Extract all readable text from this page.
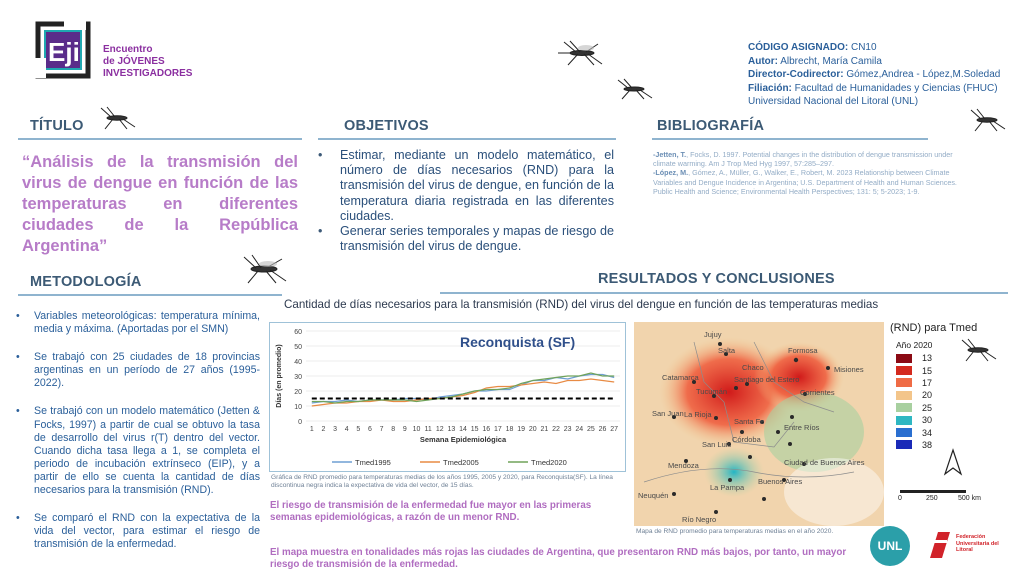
Eji Encuentro
de JÓVENES
INVESTIGADORES
CÓDIGO ASIGNADO: CN10
Autor: Albrecht, María Camila
Director-Codirector: Gómez,Andrea - López,M.Soledad
Filiación: Facultad de Humanidades y Ciencias (FHUC)
Universidad Nacional del Litoral (UNL)
TÍTULO	OBJETIVOS	BIBLIOGRAFÍA
METODOLOGÍA	RESULTADOS Y CONCLUSIONES
“Análisis de la transmisión del virus de dengue en función de las temperaturas en diferentes ciudades de la República Argentina”
• Estimar, mediante un modelo matemático, el número de días necesarios (RND) para la transmisión del virus de dengue, en función de la temperatura diaria registrada en las diferentes ciudades.
• Generar series temporales y mapas de riesgo de transmisión del virus de dengue.
-Jetten, T., Focks, D. 1997. Potential changes in the distribution of dengue transmission under climate warming. Am J Trop Med Hyg 1997, 57:285–297.
-López, M., Gómez, A., Müller, G., Walker, E., Robert, M. 2023 Relationship between Climate Variables and Dengue Incidence in Argentina; U.S. Department of Health and Human Sciences. Public Health and Science; Environmental Health Perspectives; 131: 5; 5-2023; 1-9.
• Variables meteorológicas: temperatura mínima, media y máxima. (Aportadas por el SMN)
• Se trabajó con 25 ciudades de 18 provincias argentinas en un período de 27 años (1995-2022).
• Se trabajó con un modelo matemático (Jetten & Focks, 1997) a partir de cual se obtuvo la tasa de desarrollo del virus r(T) dentro del vector. Cuando dicha tasa llega a 1, se completa el periodo de incubación extrínseco (EIP), y a partir de ello se cuenta la cantidad de días necesarios para la transmisión (RND).
• Se comparó el RND con la expectativa de la vida del vector, para estimar el riesgo de transmisión de la enfermedad.
Cantidad de días necesarios para la transmisión (RND) del virus del dengue en función de las temperaturas medias
0
10
20
30
40
50
60
1 2 3 4 5 6 7 8 9 10 11 12 13 14 15 16 17 18 19 20 21 22 23 24 25 26 27
Semana Epidemiológica
Días (en promedio)
Reconquista (SF)
Tmed1995	Tmed2005	Tmed2020
Gráfica de RND promedio para temperaturas medias de los años 1995, 2005 y 2020, para Reconquista(SF). La línea discontinua negra indica la expectativa de vida del vector, de 15 días.
El riesgo de transmisión de la enfermedad fue mayor en las primeras semanas epidemiológicas, a razón de un menor RND.
El mapa muestra en tonalidades más rojas las ciudades de Argentina, que presentaron RND más bajos, por tanto, un mayor riesgo de transmisión de la enfermedad.
Jujuy
Salta	Formosa
Chaco
Catamarca	Santiago del Estero
Misiones
Tucumán
La Rioja
Corrientes
San Juan
Santa Fe
Córdoba
Entre Ríos
San Luis
Mendoza	Ciudad de Buenos Aires
Buenos Aires
La Pampa
Neuquén
Río Negro
Mapa de RND promedio para temperaturas medias en el año 2020.
(RND) para Tmed
Año 2020
13
15
17
20
25
30
34
38
0	250	500 km
UNL
Federación Universitaria del Litoral
